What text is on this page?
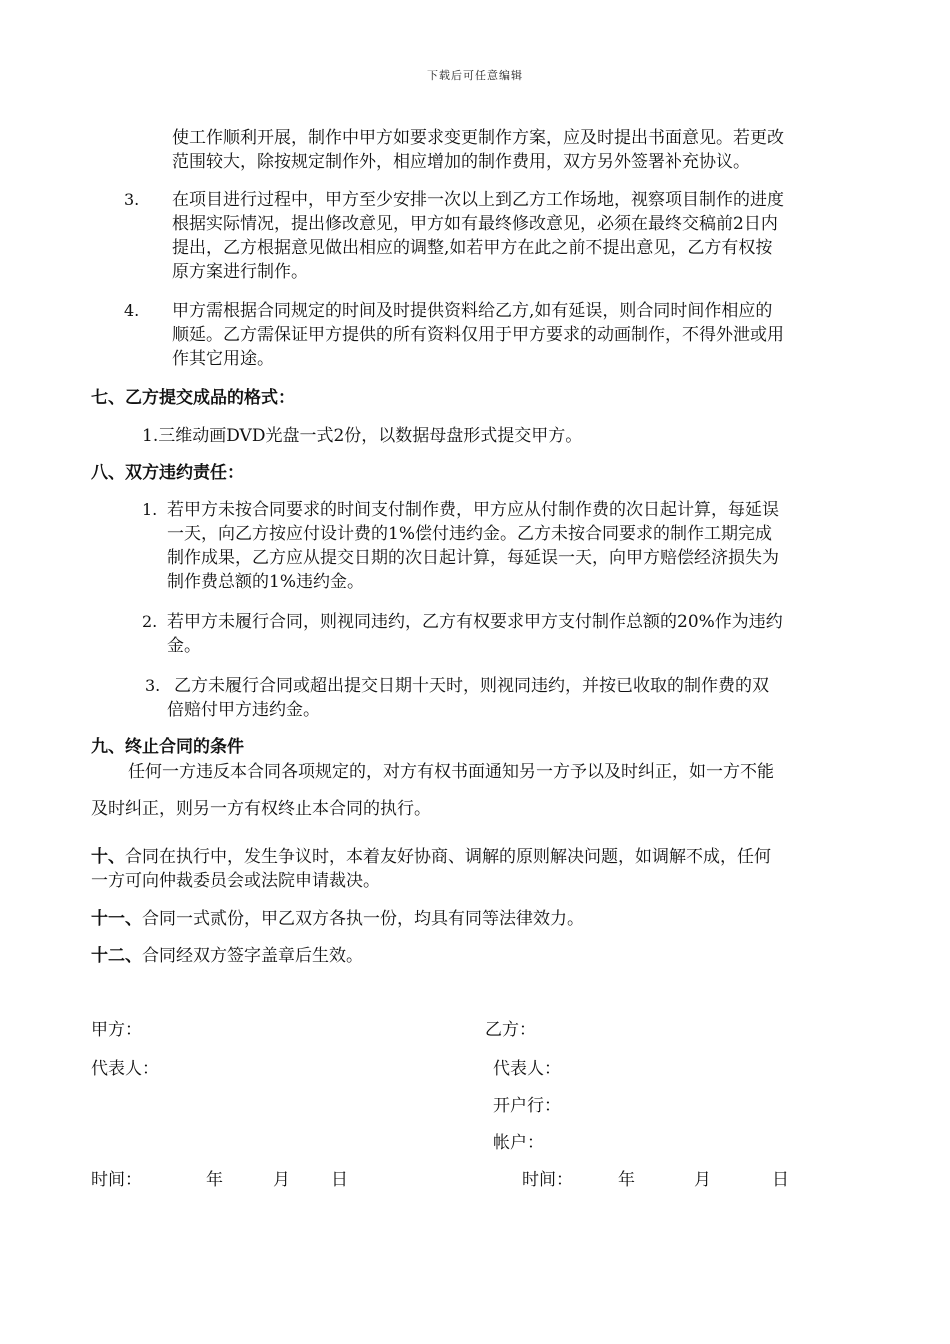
下载后可任意编辑
使工作顺利开展，制作中甲方如要求变更制作方案，应及时提出书面意见。若更改
范围较大，除按规定制作外，相应增加的制作费用，双方另外签署补充协议。
3. 在项目进行过程中，甲方至少安排一次以上到乙方工作场地，视察项目制作的进度
根据实际情况，提出修改意见，甲方如有最终修改意见，必须在最终交稿前2日内
提出，乙方根据意见做出相应的调整,如若甲方在此之前不提出意见，乙方有权按
原方案进行制作。
4. 甲方需根据合同规定的时间及时提供资料给乙方,如有延误，则合同时间作相应的
顺延。乙方需保证甲方提供的所有资料仅用于甲方要求的动画制作，不得外泄或用
作其它用途。
七、乙方提交成品的格式：
1.三维动画DVD光盘一式2份，以数据母盘形式提交甲方。
八、双方违约责任：
1. 若甲方未按合同要求的时间支付制作费，甲方应从付制作费的次日起计算，每延误
一天，向乙方按应付设计费的1%偿付违约金。乙方未按合同要求的制作工期完成
制作成果，乙方应从提交日期的次日起计算，每延误一天，向甲方赔偿经济损失为
制作费总额的1%违约金。
2. 若甲方未履行合同，则视同违约，乙方有权要求甲方支付制作总额的20%作为违约
金。
3. 乙方未履行合同或超出提交日期十天时，则视同违约，并按已收取的制作费的双
倍赔付甲方违约金。
九、终止合同的条件
任何一方违反本合同各项规定的，对方有权书面通知另一方予以及时纠正，如一方不能
及时纠正，则另一方有权终止本合同的执行。
十、合同在执行中，发生争议时，本着友好协商、调解的原则解决问题，如调解不成，任何
一方可向仲裁委员会或法院申请裁决。
十一、合同一式贰份，甲乙双方各执一份，均具有同等法律效力。
十二、合同经双方签字盖章后生效。
甲方：	乙方：
代表人：	代表人：
开户行：
帐户：
时间：	年	月 日	时间：	年	月	日
